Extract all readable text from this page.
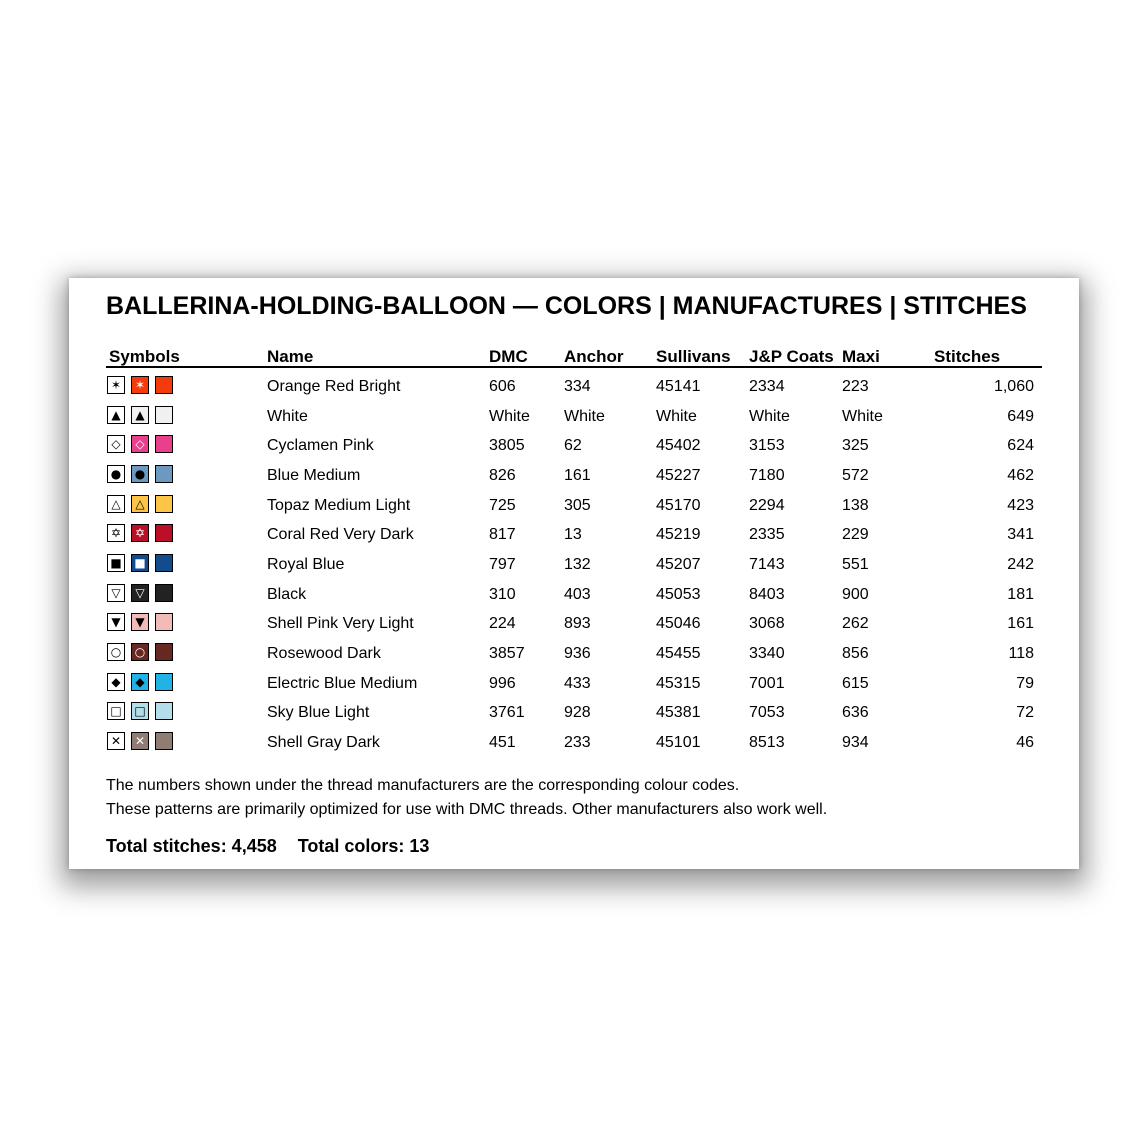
BALLERINA-HOLDING-BALLOON — COLORS | MANUFACTURES | STITCHES
Symbols	Name	DMC Anchor Sullivans J&P Coats Maxi	Stitches
✶	✶	Orange Red Bright	606	334	45141	2334	223	1,060
▲	▲	White	White White	White	White	White	649
◇	◇	Cyclamen Pink	3805 62	45402	3153	325	624
●	●	Blue Medium	826	161	45227	7180	572	462
△	△	Topaz Medium Light	725	305	45170	2294	138	423
✡	✡	Coral Red Very Dark	817	13	45219	2335	229	341
■ ■	Royal Blue	797	132	45207	7143	551	242
▽	▽	Black	310	403	45053	8403	900	181
▼	▼	Shell Pink Very Light	224	893	45046	3068	262	161
○	○	Rosewood Dark	3857 936	45455	3340	856	118
◆	◆	Electric Blue Medium	996	433	45315	7001	615	79
□ □	Sky Blue Light	3761 928	45381	7053	636	72
✕	✕	Shell Gray Dark	451	233	45101	8513	934	46
The numbers shown under the thread manufacturers are the corresponding colour codes.
These patterns are primarily optimized for use with DMC threads. Other manufacturers also work well.
Total stitches: 4,458 Total colors: 13
